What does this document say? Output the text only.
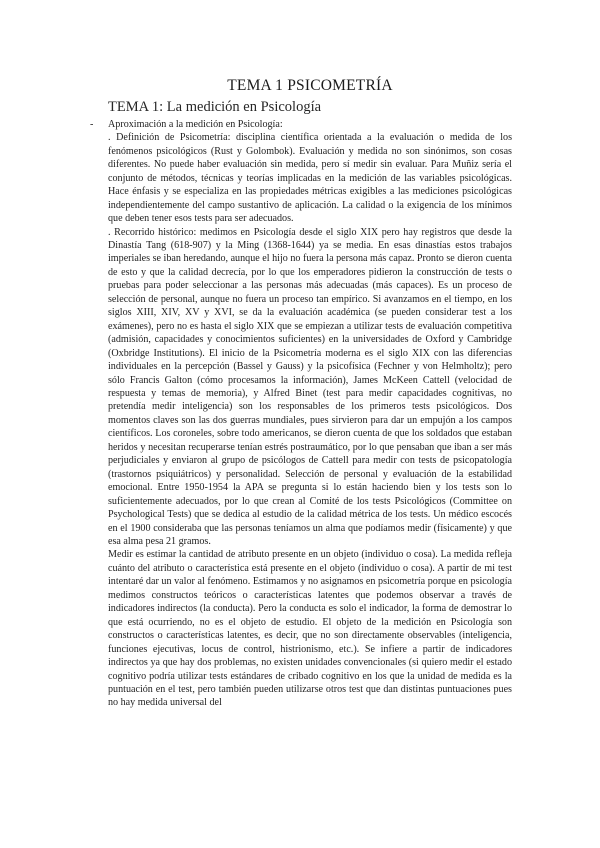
TEMA 1 PSICOMETRÍA
TEMA 1: La medición en Psicología
- Aproximación a la medición en Psicología:

. Definición de Psicometría: disciplina científica orientada a la evaluación o medida de los fenómenos psicológicos (Rust y Golombok). Evaluación y medida no son sinónimos, son cosas diferentes. No puede haber evaluación sin medida, pero sí medir sin evaluar. Para Muñiz sería el conjunto de métodos, técnicas y teorías implicadas en la medición de las variables psicológicas. Hace énfasis y se especializa en las propiedades métricas exigibles a las mediciones psicológicas independientemente del campo sustantivo de aplicación. La calidad o la exigencia de los mínimos que deben tener esos tests para ser adecuados.

. Recorrido histórico: medimos en Psicología desde el siglo XIX pero hay registros que desde la Dinastía Tang (618-907) y la Ming (1368-1644) ya se media. En esas dinastías estos trabajos imperiales se iban heredando, aunque el hijo no fuera la persona más capaz. Pronto se dieron cuenta de esto y que la calidad decrecía, por lo que los emperadores pidieron la construcción de tests o pruebas para poder seleccionar a las personas más adecuadas (más capaces). Es un proceso de selección de personal, aunque no fuera un proceso tan empírico. Si avanzamos en el tiempo, en los siglos XIII, XIV, XV y XVI, se da la evaluación académica (se pueden considerar test a los exámenes), pero no es hasta el siglo XIX que se empiezan a utilizar tests de evaluación competitiva (admisión, capacidades y conocimientos suficientes) en la universidades de Oxford y Cambridge (Oxbridge Institutions). El inicio de la Psicometría moderna es el siglo XIX con las diferencias individuales en la percepción (Bassel y Gauss) y la psicofísica (Fechner y von Helmholtz); pero sólo Francis Galton (cómo procesamos la información), James McKeen Cattell (velocidad de respuesta y temas de memoria), y Alfred Binet (test para medir capacidades cognitivas, no pretendía medir inteligencia) son los responsables de los primeros tests psicológicos. Dos momentos claves son las dos guerras mundiales, pues sirvieron para dar un empujón a los campos científicos. Los coroneles, sobre todo americanos, se dieron cuenta de que los soldados que estaban heridos y necesitan recuperarse tenían estrés postraumático, por lo que pensaban que iban a ser más perjudiciales y enviaron al grupo de psicólogos de Cattell para medir con tests de psicopatología (trastornos psiquiátricos) y personalidad. Selección de personal y evaluación de la estabilidad emocional. Entre 1950-1954 la APA se pregunta si lo están haciendo bien y los tests son lo suficientemente adecuados, por lo que crean al Comité de los tests Psicológicos (Committee on Psychological Tests) que se dedica al estudio de la calidad métrica de los tests. Un médico escocés en el 1900 consideraba que las personas teníamos un alma que podíamos medir (físicamente) y que esa alma pesa 21 gramos.

Medir es estimar la cantidad de atributo presente en un objeto (individuo o cosa). La medida refleja cuánto del atributo o característica está presente en el objeto (individuo o cosa). A partir de mi test intentaré dar un valor al fenómeno. Estimamos y no asignamos en psicometría porque en psicología medimos constructos teóricos o características latentes que podemos observar a través de indicadores indirectos (la conducta). Pero la conducta es solo el indicador, la forma de demostrar lo que está ocurriendo, no es el objeto de estudio. El objeto de la medición en Psicología son constructos o características latentes, es decir, que no son directamente observables (inteligencia, funciones ejecutivas, locus de control, histrionismo, etc.). Se infiere a partir de indicadores indirectos ya que hay dos problemas, no existen unidades convencionales (si quiero medir el estado cognitivo podría utilizar tests estándares de cribado cognitivo en los que la unidad de medida es la puntuación en el test, pero también pueden utilizarse otros test que dan distintas puntuaciones pues no hay medida universal del
